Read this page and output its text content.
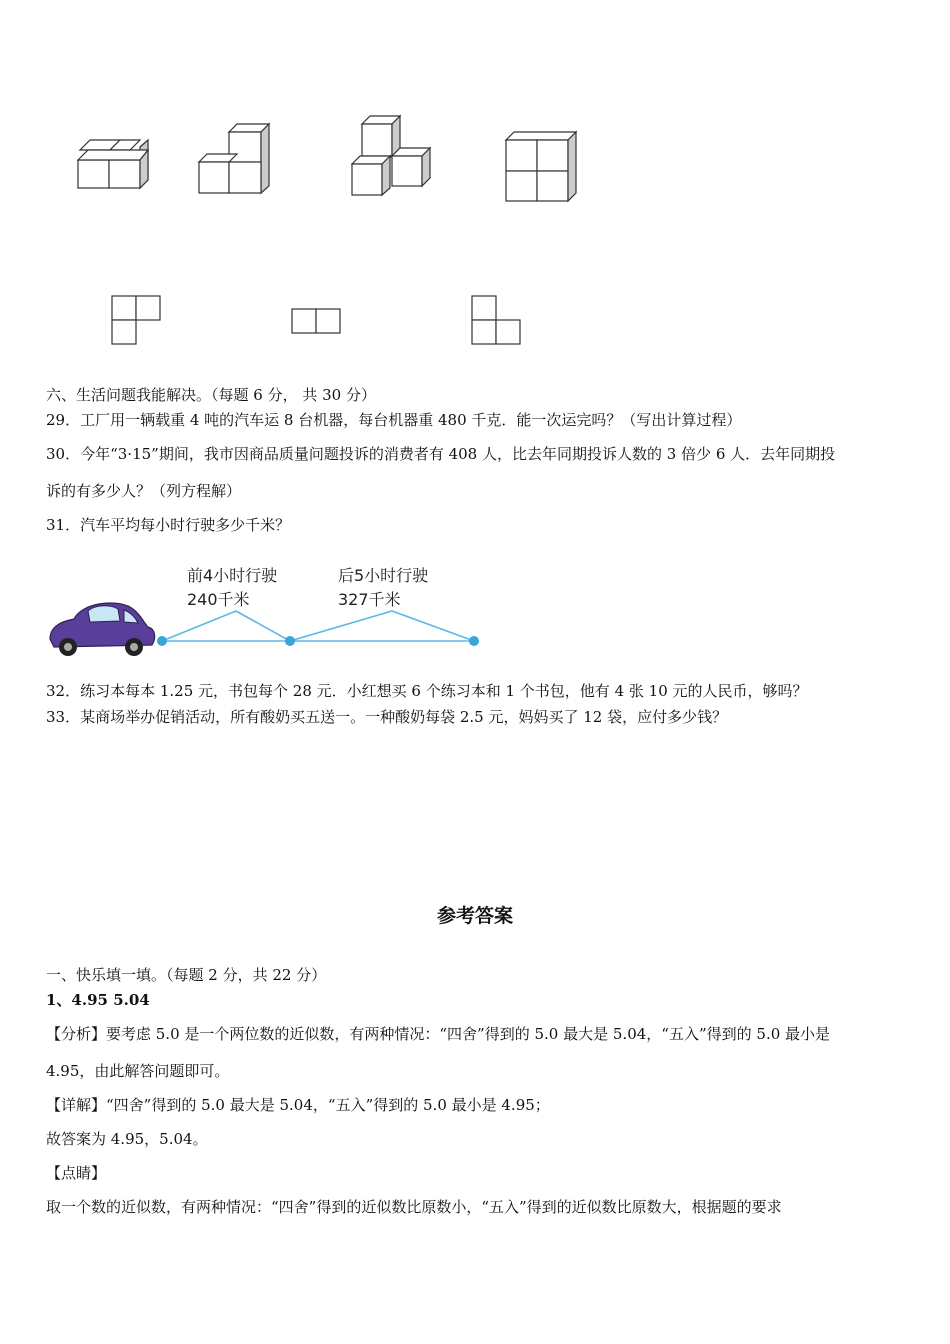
六、生活问题我能解决。（每题 6 分， 共 30 分）
29．工厂用一辆载重 4 吨的汽车运 8 台机器，每台机器重 480 千克．能一次运完吗？（写出计算过程）
30．今年“3·15”期间，我市因商品质量问题投诉的消费者有 408 人，比去年同期投诉人数的 3 倍少 6 人．去年同期投
诉的有多少人？（列方程解）
31．汽车平均每小时行驶多少千米？
前4小时行驶
240千米
后5小时行驶
327千米
32．练习本每本 1.25 元，书包每个 28 元．小红想买 6 个练习本和 1 个书包，他有 4 张 10 元的人民币，够吗？
33．某商场举办促销活动，所有酸奶买五送一。一种酸奶每袋 2.5 元，妈妈买了 12 袋，应付多少钱？
参考答案
一、快乐填一填。（每题 2 分，共 22 分）
1、4.95 5.04
【分析】要考虑 5.0 是一个两位数的近似数，有两种情况：“四舍”得到的 5.0 最大是 5.04，“五入”得到的 5.0 最小是
4.95，由此解答问题即可。
【详解】“四舍”得到的 5.0 最大是 5.04，“五入”得到的 5.0 最小是 4.95；
故答案为 4.95，5.04。
【点睛】
取一个数的近似数，有两种情况：“四舍”得到的近似数比原数小，“五入”得到的近似数比原数大，根据题的要求
